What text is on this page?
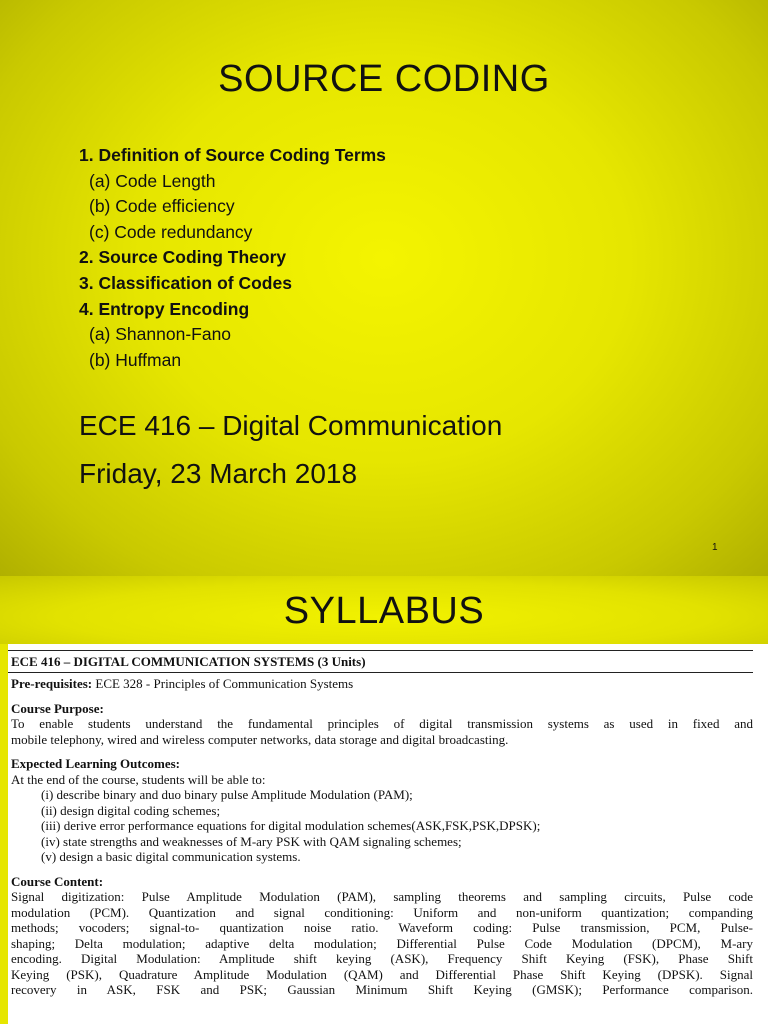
SOURCE CODING
1. Definition of Source Coding Terms
(a) Code Length
(b) Code efficiency
(c) Code redundancy
2. Source Coding Theory
3. Classification of Codes
4. Entropy Encoding
(a) Shannon-Fano
(b) Huffman
ECE 416 – Digital Communication
Friday, 23 March 2018
1
SYLLABUS
ECE 416 – DIGITAL COMMUNICATION SYSTEMS (3 Units)

Pre-requisites: ECE 328 - Principles of Communication Systems

Course Purpose:

To enable students understand the fundamental principles of digital transmission systems as used in fixed and

mobile telephony, wired and wireless computer networks, data storage and digital broadcasting.

Expected Learning Outcomes:

At the end of the course, students will be able to:

(i) describe binary and duo binary pulse Amplitude Modulation (PAM);
(ii) design digital coding schemes;
(iii) derive error performance equations for digital modulation schemes(ASK,FSK,PSK,DPSK);
(iv) state strengths and weaknesses of M-ary PSK with QAM signaling schemes;
(v) design a basic digital communication systems.

Course Content:

Signal digitization: Pulse Amplitude Modulation (PAM), sampling theorems and sampling circuits, Pulse code

modulation (PCM). Quantization and signal conditioning: Uniform and non-uniform quantization; companding

methods; vocoders; signal-to- quantization noise ratio. Waveform coding: Pulse transmission, PCM, Pulse-

shaping; Delta modulation; adaptive delta modulation; Differential Pulse Code Modulation (DPCM), M-ary

encoding. Digital Modulation: Amplitude shift keying (ASK), Frequency Shift Keying (FSK), Phase Shift

Keying (PSK), Quadrature Amplitude Modulation (QAM) and Differential Phase Shift Keying (DPSK). Signal

recovery in ASK, FSK and PSK; Gaussian Minimum Shift Keying (GMSK); Performance comparison.
